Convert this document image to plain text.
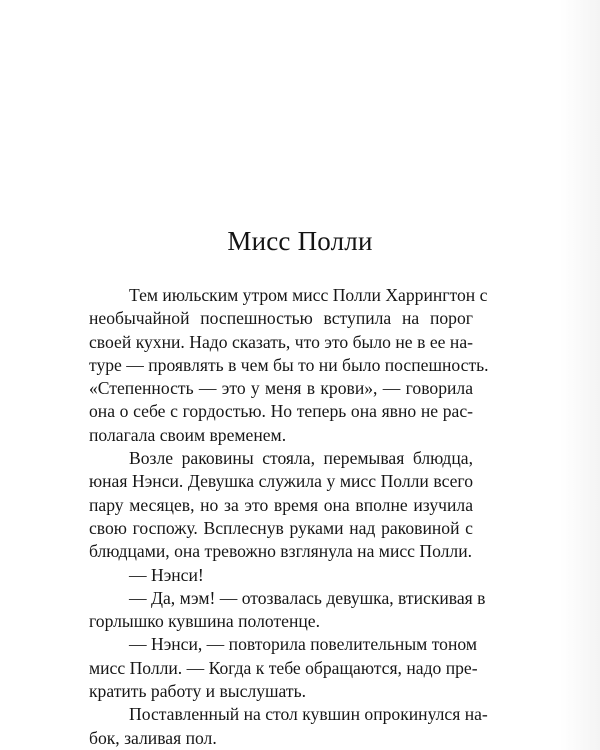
Мисс Полли

Тем июльским утром мисс Полли Харрингтон с
необычайной поспешностью вступила на порог
своей кухни. Надо сказать, что это было не в ее на-
туре — проявлять в чем бы то ни было поспешность.
«Степенность — это у меня в крови», — говорила
она о себе с гордостью. Но теперь она явно не рас-
полагала своим временем.

Возле раковины стояла, перемывая блюдца,
юная Нэнси. Девушка служила у мисс Полли всего
пару месяцев, но за это время она вполне изучила
свою госпожу. Всплеснув руками над раковиной с
блюдцами, она тревожно взглянула на мисс Полли.

— Нэнси!

— Да, мэм! — отозвалась девушка, втискивая в
горлышко кувшина полотенце.

— Нэнси, — повторила повелительным тоном
мисс Полли. — Когда к тебе обращаются, надо пре-
кратить работу и выслушать.

Поставленный на стол кувшин опрокинулся на-
бок, заливая пол.
